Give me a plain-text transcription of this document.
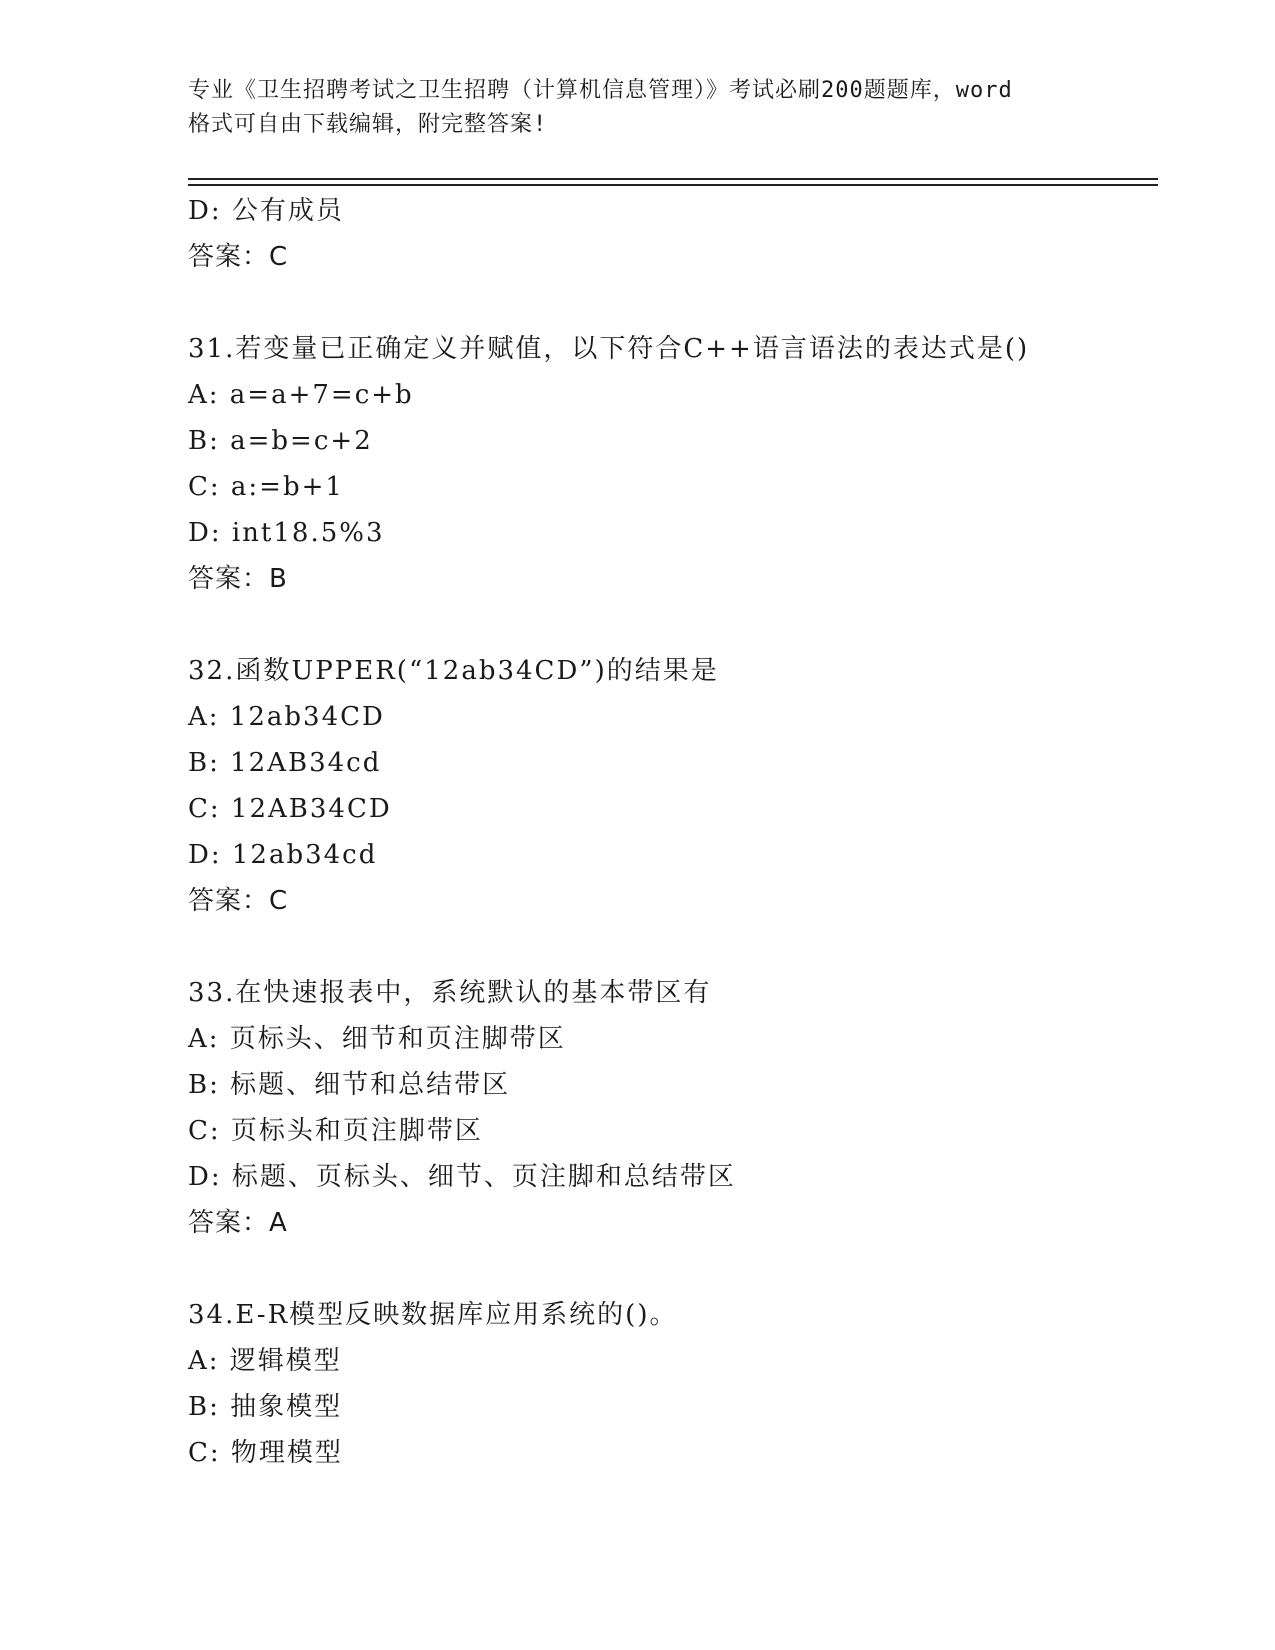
专业《卫生招聘考试之卫生招聘（计算机信息管理）》考试必刷200题题库，word
格式可自由下载编辑，附完整答案!
D: 公有成员
答案：C
31.若变量已正确定义并赋值，以下符合C++语言语法的表达式是()
A: a=a+7=c+b
B: a=b=c+2
C: a:=b+1
D: int18.5%3
答案：B
32.函数UPPER(“12ab34CD”)的结果是
A: 12ab34CD
B: 12AB34cd
C: 12AB34CD
D: 12ab34cd
答案：C
33.在快速报表中，系统默认的基本带区有
A: 页标头、细节和页注脚带区
B: 标题、细节和总结带区
C: 页标头和页注脚带区
D: 标题、页标头、细节、页注脚和总结带区
答案：A
34.E-R模型反映数据库应用系统的()。
A: 逻辑模型
B: 抽象模型
C: 物理模型
